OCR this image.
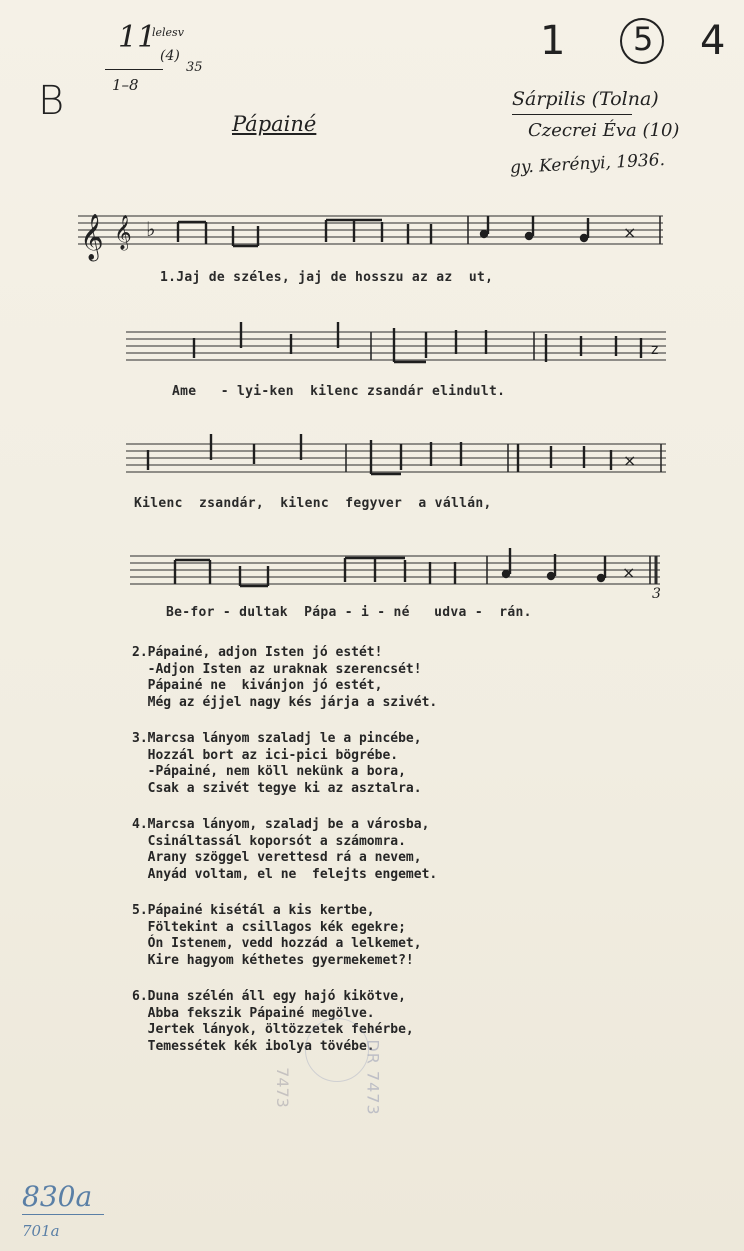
11
lelesv
(4)
35
1–8
B
1 5 4
Pápainé
Sárpilis (Tolna)
Czecrei Éva (10)
gy. Kerényi, 1936.
𝄞 𝄞 ♭	×
1.Jaj de széles, jaj de hosszu az az  ut,
z
Ame   - lyi-ken  kilenc zsandár elindult.
×
Kilenc  zsandár,  kilenc  fegyver  a vállán,
×
3
Be-for - dultak  Pápa - i - né   udva -  rán.
2.Pápainé, adjon Isten jó estét!
-Adjon Isten az uraknak szerencsét!
Pápainé ne  kivánjon jó estét,
Még az éjjel nagy kés járja a szivét.
3.Marcsa lányom szaladj le a pincébe,
Hozzál bort az ici-pici bögrébe.
-Pápainé, nem köll nekünk a bora,
Csak a szivét tegye ki az asztalra.
4.Marcsa lányom, szaladj be a városba,
Csináltassál koporsót a számomra.
Arany szöggel verettesd rá a nevem,
Anyád voltam, el ne  felejts engemet.
5.Pápainé kisétál a kis kertbe,
Föltekint a csillagos kék egekre;
Ón Istenem, vedd hozzád a lelkemet,
Kire hagyom kéthetes gyermekemet?!
6.Duna szélén áll egy hajó kikötve,
Abba fekszik Pápainé megölve.
Jertek lányok, öltözzetek fehérbe,
Temessétek kék ibolya tövébe.
DR 7473
7473
830a
701a
